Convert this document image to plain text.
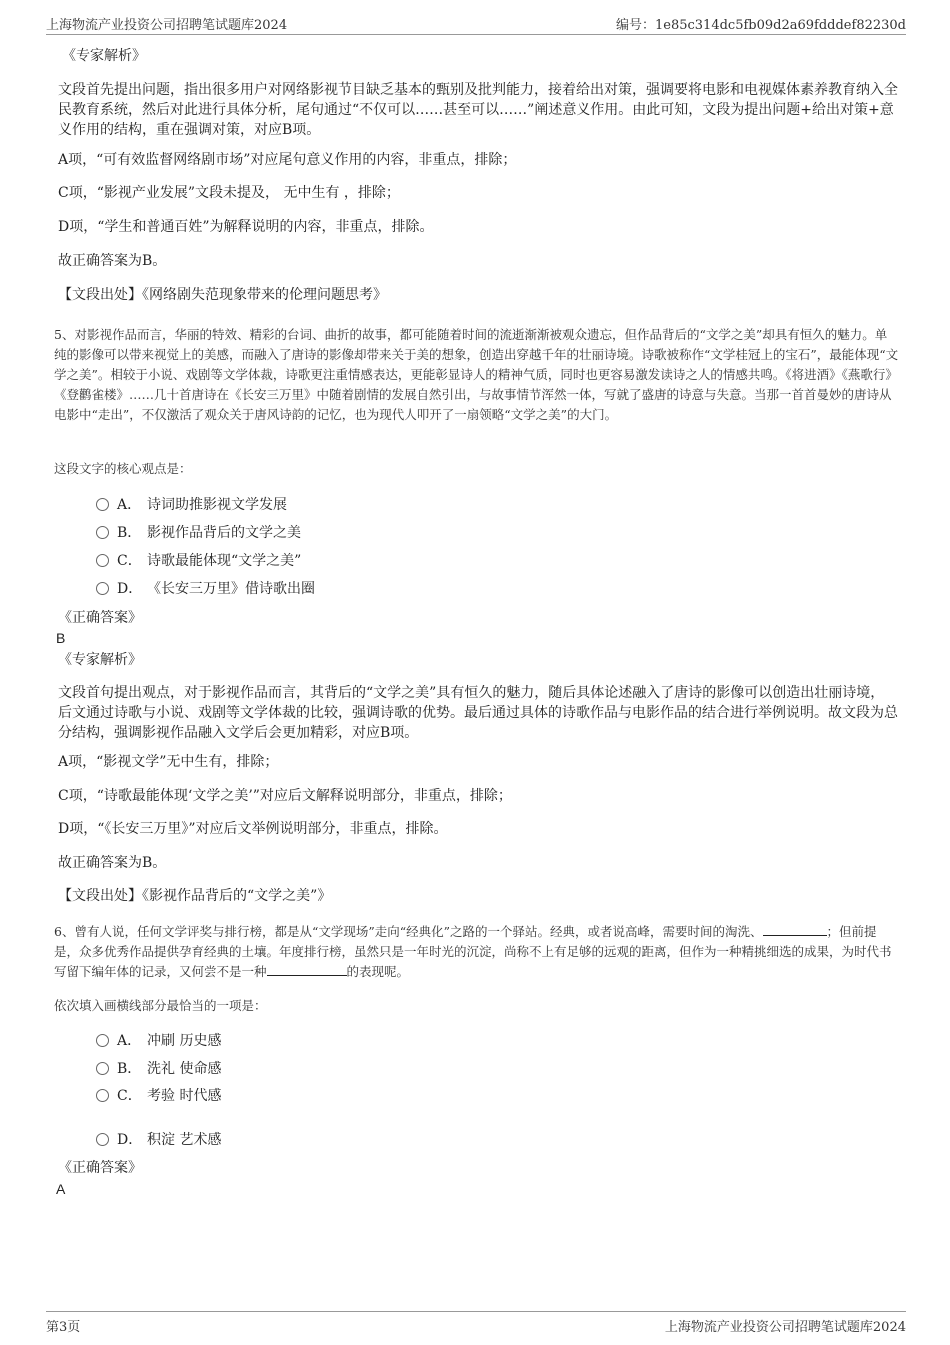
上海物流产业投资公司招聘笔试题库2024	编号：1e85c314dc5fb09d2a69fdddef82230d

《专家解析》

文段首先提出问题，指出很多用户对网络影视节目缺乏基本的甄别及批判能力，接着给出对策，强调要将电影和电视媒体素养教育纳入全民教育系统，然后对此进行具体分析，尾句通过“不仅可以……甚至可以……”阐述意义作用。由此可知，文段为提出问题+给出对策+意义作用的结构，重在强调对策，对应B项。

A项，“可有效监督网络剧市场”对应尾句意义作用的内容，非重点，排除；

C项，“影视产业发展”文段未提及， 无中生有 ，排除；

D项，“学生和普通百姓”为解释说明的内容，非重点，排除。

故正确答案为B。

【文段出处】《网络剧失范现象带来的伦理问题思考》

5、对影视作品而言，华丽的特效、精彩的台词、曲折的故事，都可能随着时间的流逝渐渐被观众遗忘，但作品背后的“文学之美”却具有恒久的魅力。单纯的影像可以带来视觉上的美感，而融入了唐诗的影像却带来关于美的想象，创造出穿越千年的壮丽诗境。诗歌被称作“文学桂冠上的宝石”，最能体现“文学之美”。相较于小说、戏剧等文学体裁，诗歌更注重情感表达，更能彰显诗人的精神气质，同时也更容易激发读诗之人的情感共鸣。《将进酒》《燕歌行》《登鹳雀楼》……几十首唐诗在《长安三万里》中随着剧情的发展自然引出，与故事情节浑然一体，写就了盛唐的诗意与失意。当那一首首曼妙的唐诗从电影中“走出”，不仅激活了观众关于唐风诗韵的记忆，也为现代人叩开了一扇领略“文学之美”的大门。

这段文字的核心观点是：

A． 诗词助推影视文学发展
B． 影视作品背后的文学之美
C． 诗歌最能体现“文学之美”
D． 《长安三万里》借诗歌出圈

《正确答案》

B

《专家解析》

文段首句提出观点，对于影视作品而言，其背后的“文学之美”具有恒久的魅力，随后具体论述融入了唐诗的影像可以创造出壮丽诗境，后文通过诗歌与小说、戏剧等文学体裁的比较，强调诗歌的优势。最后通过具体的诗歌作品与电影作品的结合进行举例说明。故文段为总分结构，强调影视作品融入文学后会更加精彩，对应B项。

A项，“影视文学”无中生有，排除；

C项，“诗歌最能体现‘文学之美’”对应后文解释说明部分，非重点，排除；

D项，“《长安三万里》”对应后文举例说明部分，非重点，排除。

故正确答案为B。

【文段出处】《影视作品背后的“文学之美”》

6、曾有人说，任何文学评奖与排行榜，都是从“文学现场”走向“经典化”之路的一个驿站。经典，或者说高峰，需要时间的淘洗、	；但前提是，众多优秀作品提供孕育经典的土壤。年度排行榜，虽然只是一年时光的沉淀，尚称不上有足够的远观的距离，但作为一种精挑细选的成果，为时代书写留下编年体的记录，又何尝不是一种	的表现呢。

依次填入画横线部分最恰当的一项是：

A． 冲刷 历史感
B． 洗礼 使命感
C． 考验 时代感
D． 积淀 艺术感

《正确答案》

A

第3页	上海物流产业投资公司招聘笔试题库2024
